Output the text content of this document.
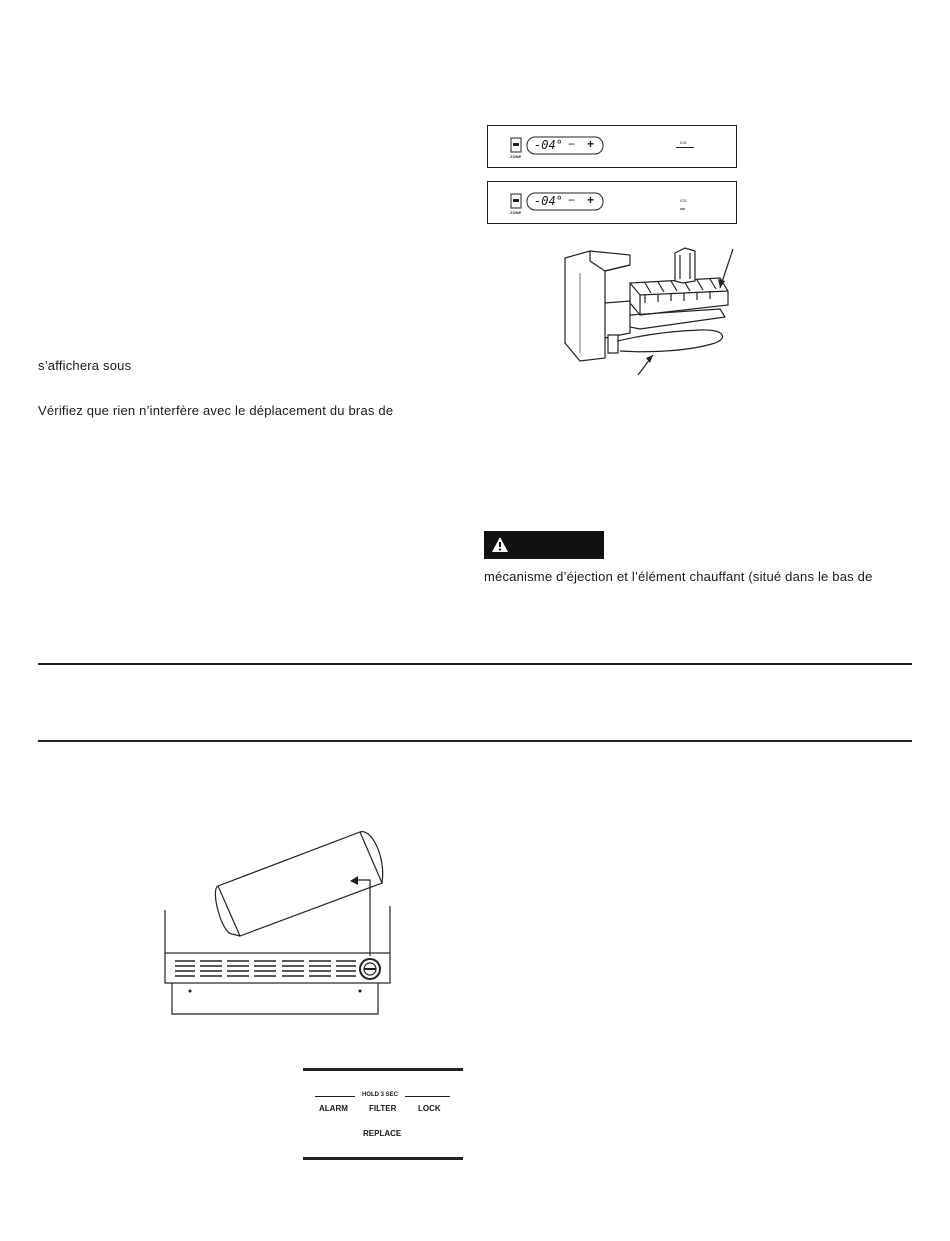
s’affichera sous
Vérifiez que rien n’interfère avec le déplacement du bras de
ZONE
-04° − +	ICE
ZONE
-04° − +	ICE
mécanisme d’éjection et l’élément chauffant (situé dans le bas de
HOLD 3 SEC
ALARM	FILTER	LOCK
REPLACE
